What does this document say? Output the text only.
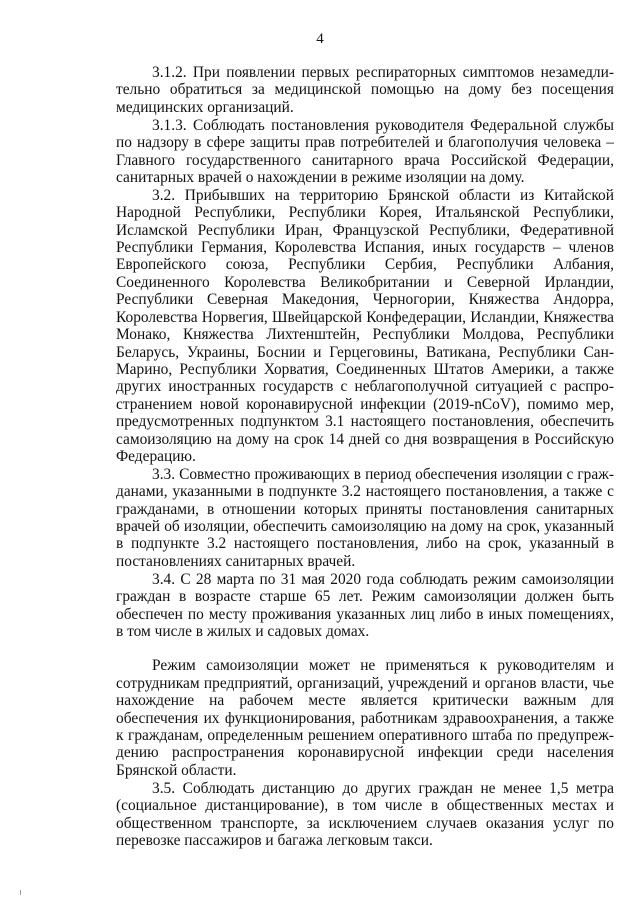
4

3.1.2. При появлении первых респираторных симптомов незамедлительно обратиться за медицинской помощью на дому без посещения медицинских организаций.

3.1.3. Соблюдать постановления руководителя Федеральной службы по надзору в сфере защиты прав потребителей и благополучия человека – Главного государственного санитарного врача Российской Федерации, санитарных врачей о нахождении в режиме изоляции на дому.

3.2. Прибывших на территорию Брянской области из Китайской Народной Республики, Республики Корея, Итальянской Республики, Исламской Республики Иран, Французской Республики, Федеративной Республики Германия, Королевства Испания, иных государств – членов Европейского союза, Республики Сербия, Республики Албания, Соединенного Королевства Великобритании и Северной Ирландии, Республики Северная Македония, Черногории, Княжества Андорра, Королевства Норвегия, Швейцарской Конфедерации, Исландии, Княжества Монако, Княжества Лихтенштейн, Республики Молдова, Республики Беларусь, Украины, Боснии и Герцеговины, Ватикана, Республики Сан-Марино, Республики Хорватия, Соединенных Штатов Америки, а также других иностранных государств с неблагополучной ситуацией с распространением новой коронавирусной инфекции (2019-nCoV), помимо мер, предусмотренных подпунктом 3.1 настоящего постановления, обеспечить самоизоляцию на дому на срок 14 дней со дня возвращения в Российскую Федерацию.

3.3. Совместно проживающих в период обеспечения изоляции с гражданами, указанными в подпункте 3.2 настоящего постановления, а также с гражданами, в отношении которых приняты постановления санитарных врачей об изоляции, обеспечить самоизоляцию на дому на срок, указанный в подпункте 3.2 настоящего постановления, либо на срок, указанный в постановлениях санитарных врачей.

3.4. С 28 марта по 31 мая 2020 года соблюдать режим самоизоляции граждан в возрасте старше 65 лет. Режим самоизоляции должен быть обеспечен по месту проживания указанных лиц либо в иных помещениях, в том числе в жилых и садовых домах.

Режим самоизоляции может не применяться к руководителям и сотрудникам предприятий, организаций, учреждений и органов власти, чье нахождение на рабочем месте является критически важным для обеспечения их функционирования, работникам здравоохранения, а также к гражданам, определенным решением оперативного штаба по предупреждению распространения коронавирусной инфекции среди населения Брянской области.

3.5. Соблюдать дистанцию до других граждан не менее 1,5 метра (социальное дистанцирование), в том числе в общественных местах и общественном транспорте, за исключением случаев оказания услуг по перевозке пассажиров и багажа легковым такси.
